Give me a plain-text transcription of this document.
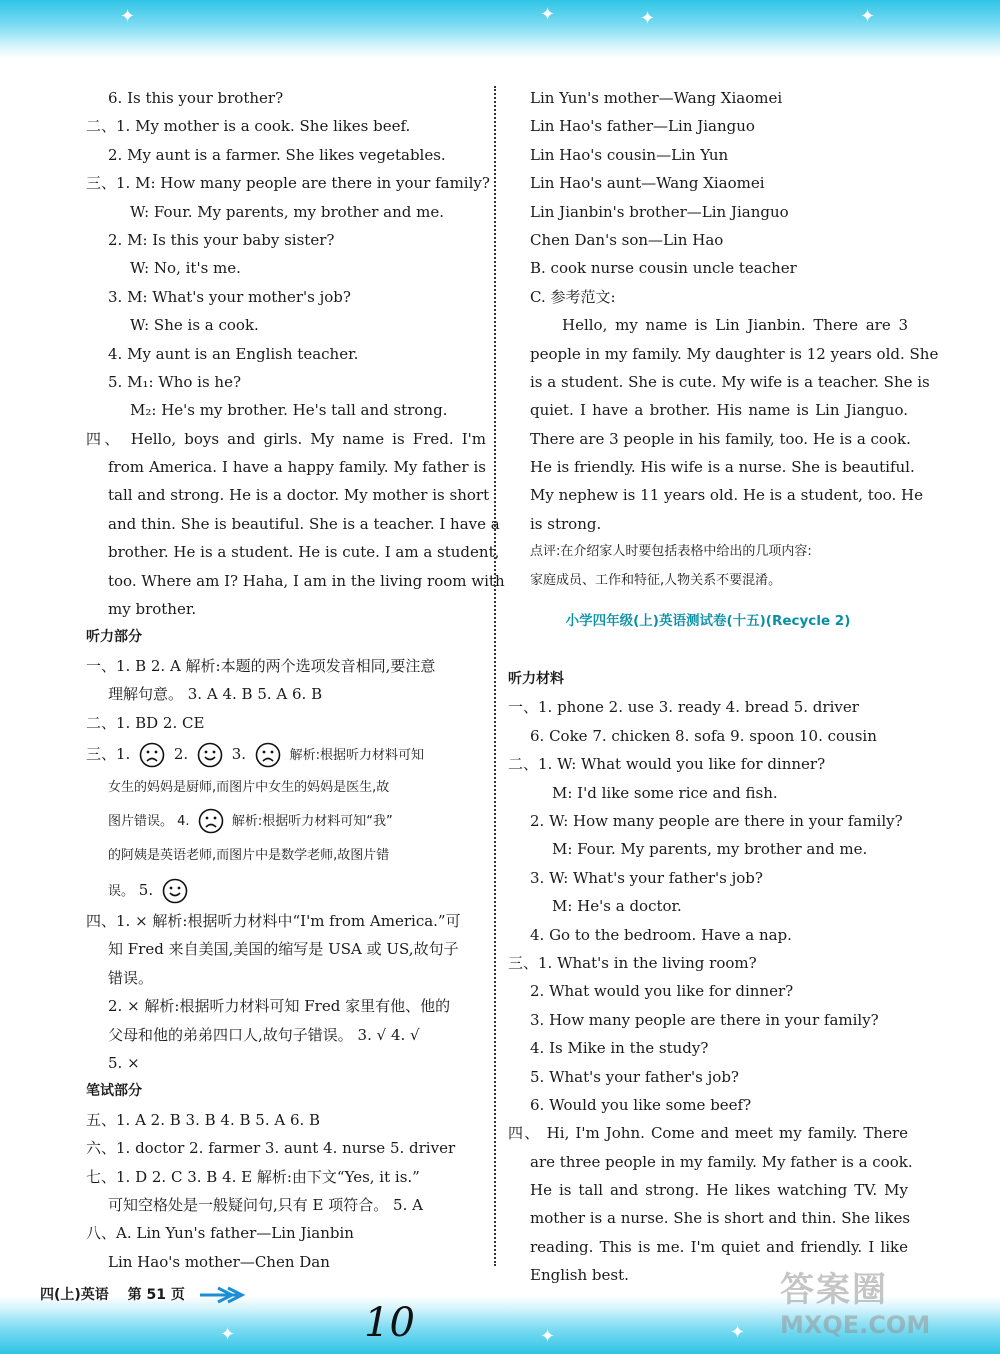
✦	✦	✦	✦
✦	✦	✦
6. Is this your brother?
二、1. My mother is a cook. She likes beef.
2. My aunt is a farmer. She likes vegetables.
三、1. M: How many people are there in your family?
W: Four. My parents, my brother and me.
2. M: Is this your baby sister?
W: No, it's me.
3. M: What's your mother's job?
W: She is a cook.
4. My aunt is an English teacher.
5. M₁: Who is he?
M₂: He's my brother. He's tall and strong.
四、 Hello, boys and girls. My name is Fred. I'm
from America. I have a happy family. My father is
tall and strong. He is a doctor. My mother is short
and thin. She is beautiful. She is a teacher. I have a
brother. He is a student. He is cute. I am a student,
too. Where am I? Haha, I am in the living room with
my brother.
听力部分
一、1. B 2. A 解析:本题的两个选项发音相同,要注意
理解句意。 3. A 4. B 5. A 6. B
二、1. BD 2. CE
三、1.	2.	3.	解析:根据听力材料可知
女生的妈妈是厨师,而图片中女生的妈妈是医生,故
图片错误。 4.	解析:根据听力材料可知“我”
的阿姨是英语老师,而图片中是数学老师,故图片错
误。 5.
四、1. × 解析:根据听力材料中“I'm from America.”可
知 Fred 来自美国,美国的缩写是 USA 或 US,故句子
错误。
2. × 解析:根据听力材料可知 Fred 家里有他、他的
父母和他的弟弟四口人,故句子错误。 3. √ 4. √
5. ×
笔试部分
五、1. A 2. B 3. B 4. B 5. A 6. B
六、1. doctor 2. farmer 3. aunt 4. nurse 5. driver
七、1. D 2. C 3. B 4. E 解析:由下文“Yes, it is.”
可知空格处是一般疑问句,只有 E 项符合。 5. A
八、A. Lin Yun's father—Lin Jianbin
Lin Hao's mother—Chen Dan
Lin Yun's mother—Wang Xiaomei
Lin Hao's father—Lin Jianguo
Lin Hao's cousin—Lin Yun
Lin Hao's aunt—Wang Xiaomei
Lin Jianbin's brother—Lin Jianguo
Chen Dan's son—Lin Hao
B. cook nurse cousin uncle teacher
C. 参考范文:
Hello, my name is Lin Jianbin. There are 3
people in my family. My daughter is 12 years old. She
is a student. She is cute. My wife is a teacher. She is
quiet. I have a brother. His name is Lin Jianguo.
There are 3 people in his family, too. He is a cook.
He is friendly. His wife is a nurse. She is beautiful.
My nephew is 11 years old. He is a student, too. He
is strong.
点评:在介绍家人时要包括表格中给出的几项内容:
家庭成员、工作和特征,人物关系不要混淆。
小学四年级(上)英语测试卷(十五)(Recycle 2)
听力材料
一、1. phone 2. use 3. ready 4. bread 5. driver
6. Coke 7. chicken 8. sofa 9. spoon 10. cousin
二、1. W: What would you like for dinner?
M: I'd like some rice and fish.
2. W: How many people are there in your family?
M: Four. My parents, my brother and me.
3. W: What's your father's job?
M: He's a doctor.
4. Go to the bedroom. Have a nap.
三、1. What's in the living room?
2. What would you like for dinner?
3. How many people are there in your family?
4. Is Mike in the study?
5. What's your father's job?
6. Would you like some beef?
四、 Hi, I'm John. Come and meet my family. There
are three people in my family. My father is a cook.
He is tall and strong. He likes watching TV. My
mother is a nurse. She is short and thin. She likes
reading. This is me. I'm quiet and friendly. I like
English best.
四(上)英语 第 51 页
10
答案圈
MXQE.COM
